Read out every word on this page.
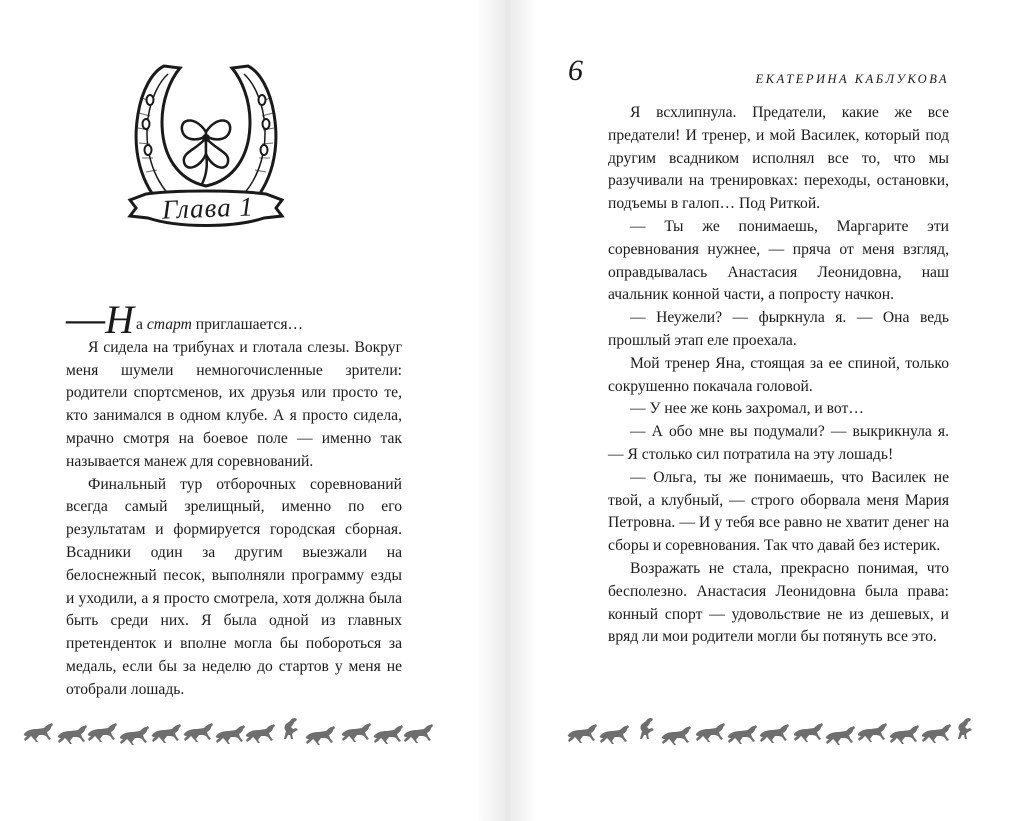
Глава 1

—Н а старт приглашается…

Я сидела на трибунах и глотала слезы. Вокруг меня шумели немногочисленные зрители: родители спортсменов, их друзья или просто те, кто занимался в одном клубе. А я просто сидела, мрачно смотря на боевое поле — именно так называется манеж для соревнований.

Финальный тур отборочных соревнований всегда самый зрелищный, именно по его результатам и формируется городская сборная. Всадники один за другим выезжали на белоснежный песок, выполняли программу езды и уходили, а я просто смотрела, хотя должна была быть среди них. Я была одной из главных претенденток и вполне могла бы побороться за медаль, если бы за неделю до стартов у меня не отобрали лошадь.

6	ЕКАТЕРИНА КАБЛУКОВА

Я всхлипнула. Предатели, какие же все предатели! И тренер, и мой Василек, который под другим всадником исполнял все то, что мы разучивали на тренировках: переходы, остановки, подъемы в галоп… Под Риткой.

— Ты же понимаешь, Маргарите эти соревнования нужнее, — пряча от меня взгляд, оправдывалась Анастасия Леонидовна, наш ачальник конной части, а попросту начкон.

— Неужели? — фыркнула я. — Она ведь прошлый этап еле проехала.

Мой тренер Яна, стоящая за ее спиной, только сокрушенно покачала головой.

— У нее же конь захромал, и вот…

— А обо мне вы подумали? — выкрикнула я. — Я столько сил потратила на эту лошадь!

— Ольга, ты же понимаешь, что Василек не твой, а клубный, — строго оборвала меня Мария Петровна. — И у тебя все равно не хватит денег на сборы и соревнования. Так что давай без истерик.

Возражать не стала, прекрасно понимая, что бесполезно. Анастасия Леонидовна была права: конный спорт — удовольствие не из дешевых, и вряд ли мои родители могли бы потянуть все это.
